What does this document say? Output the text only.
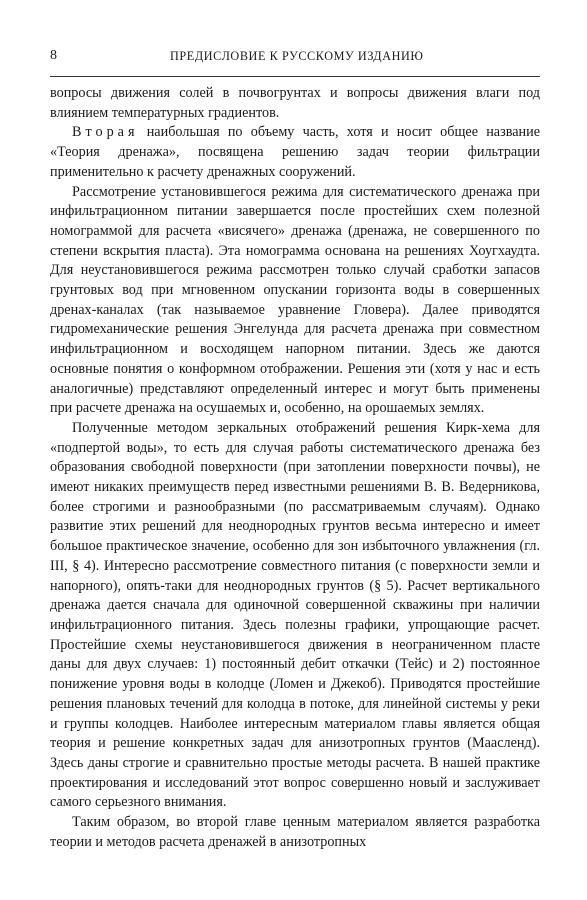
8	ПРЕДИСЛОВИЕ К РУССКОМУ ИЗДАНИЮ

вопросы движения солей в почвогрунтах и вопросы движения влаги под влиянием температурных градиентов.

Вторая наибольшая по объему часть, хотя и носит общее название «Теория дренажа», посвящена решению задач теории фильтрации применительно к расчету дренажных сооружений.

Рассмотрение установившегося режима для систематического дренажа при инфильтрационном питании завершается после простейших схем полезной номограммой для расчета «висячего» дренажа (дренажа, не совершенного по степени вскрытия пласта). Эта номограмма основана на решениях Хоугхаудта. Для неустановившегося режима рассмотрен только случай сработки запасов грунтовых вод при мгновенном опускании горизонта воды в совершенных дренах-каналах (так называемое уравнение Гловера). Далее приводятся гидромеханические решения Энгелунда для расчета дренажа при совместном инфильтрационном и восходящем напорном питании. Здесь же даются основные понятия о конформном отображении. Решения эти (хотя у нас и есть аналогичные) представляют определенный интерес и могут быть применены при расчете дренажа на осушаемых и, особенно, на орошаемых землях.

Полученные методом зеркальных отображений решения Кирк-хема для «подпертой воды», то есть для случая работы систематического дренажа без образования свободной поверхности (при затоплении поверхности почвы), не имеют никаких преимуществ перед известными решениями В. В. Ведерникова, более строгими и разнообразными (по рассматриваемым случаям). Однако развитие этих решений для неоднородных грунтов весьма интересно и имеет большое практическое значение, особенно для зон избыточного увлажнения (гл. III, § 4). Интересно рассмотрение совместного питания (с поверхности земли и напорного), опять-таки для неоднородных грунтов (§ 5). Расчет вертикального дренажа дается сначала для одиночной совершенной скважины при наличии инфильтрационного питания. Здесь полезны графики, упрощающие расчет. Простейшие схемы неустановившегося движения в неограниченном пласте даны для двух случаев: 1) постоянный дебит откачки (Тейс) и 2) постоянное понижение уровня воды в колодце (Ломен и Джекоб). Приводятся простейшие решения плановых течений для колодца в потоке, для линейной системы у реки и группы колодцев. Наиболее интересным материалом главы является общая теория и решение конкретных задач для анизотропных грунтов (Маасленд). Здесь даны строгие и сравнительно простые методы расчета. В нашей практике проектирования и исследований этот вопрос совершенно новый и заслуживает самого серьезного внимания.

Таким образом, во второй главе ценным материалом является разработка теории и методов расчета дренажей в анизотропных
